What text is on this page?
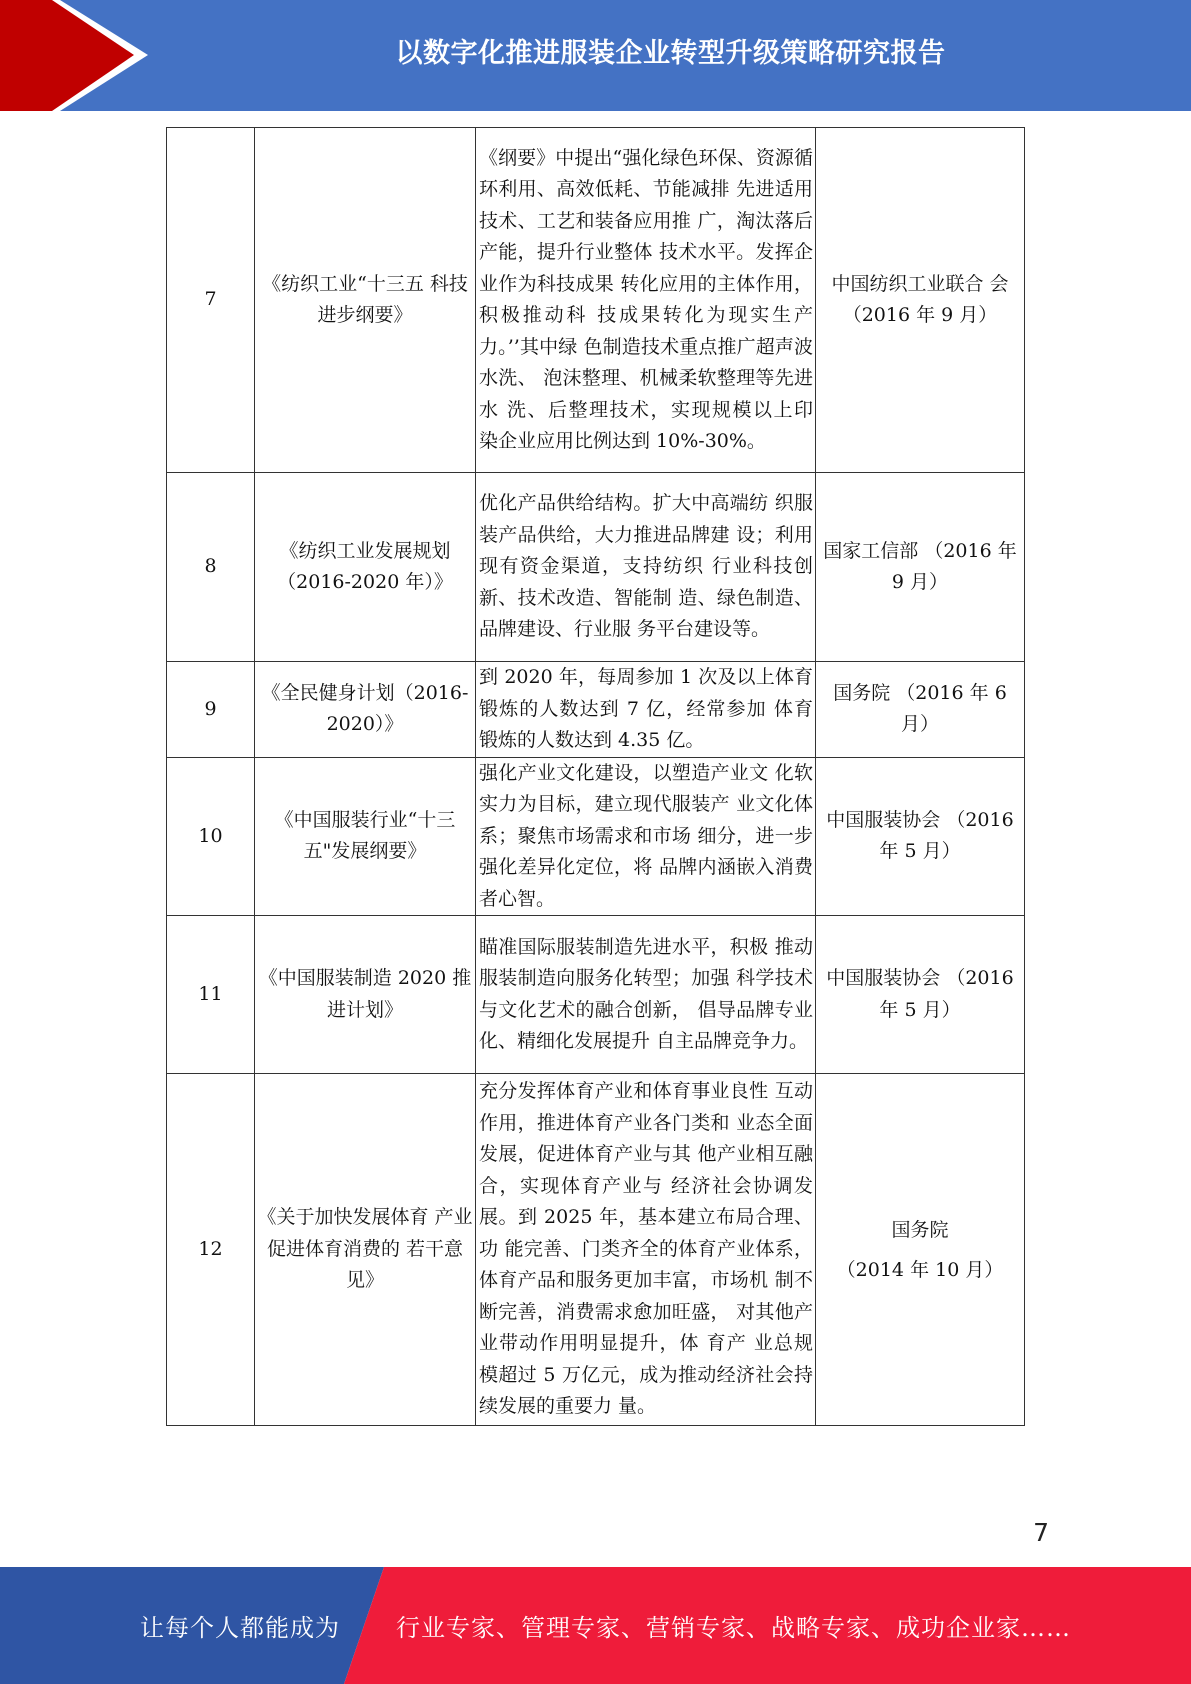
以数字化推进服装企业转型升级策略研究报告
7	《纺织工业“十三五 科技进步纲要》	《纲要》中提出“强化绿色环保、资源循环利用、高效低耗、节能减排 先进适用技术、工艺和装备应用推 广，淘汰落后产能，提升行业整体 技术水平。发挥企业作为科技成果 转化应用的主体作用，积极推动科 技成果转化为现实生产力。’’其中绿 色制造技术重点推广超声波水洗、 泡沫整理、机械柔软整理等先进水 洗、后整理技术，实现规模以上印 染企业应用比例达到 10%-30%。	中国纺织工业联合 会（2016 年 9 月）
8	《纺织工业发展规划（2016-2020 年）》	优化产品供给结构。扩大中高端纺 织服装产品供给，大力推进品牌建 设；利用现有资金渠道，支持纺织 行业科技创新、技术改造、智能制 造、绿色制造、品牌建设、行业服 务平台建设等。	国家工信部 （2016 年 9 月）
9	《全民健身计划（2016-2020）》	到 2020 年，每周参加 1 次及以上体育锻炼的人数达到 7 亿，经常参加 体育锻炼的人数达到 4.35 亿。	国务院 （2016 年 6 月）
10	《中国服装行业“十三 五"发展纲要》	强化产业文化建设，以塑造产业文 化软实力为目标，建立现代服装产 业文化体系；聚焦市场需求和市场 细分，进一步强化差异化定位，将 品牌内涵嵌入消费者心智。	中国服装协会 （2016 年 5 月）
11	《中国服装制造 2020 推进计划》	瞄准国际服装制造先进水平，积极 推动服装制造向服务化转型；加强 科学技术与文化艺术的融合创新， 倡导品牌专业化、精细化发展提升 自主品牌竞争力。	中国服装协会 （2016 年 5 月）
12	《关于加快发展体育 产业促进体育消费的 若干意见》	充分发挥体育产业和体育事业良性 互动作用，推进体育产业各门类和 业态全面发展，促进体育产业与其 他产业相互融合，实现体育产业与 经济社会协调发展。到 2025 年，基本建立布局合理、功 能完善、门类齐全的体育产业体系， 体育产品和服务更加丰富，市场机 制不断完善，消费需求愈加旺盛， 对其他产业带动作用明显提升，体 育产 业总规模超过 5 万亿元，成为推动经济社会持续发展的重要力 量。	国务院
（2014 年 10 月）
7
让每个人都能成为 行业专家、管理专家、营销专家、战略专家、成功企业家……
